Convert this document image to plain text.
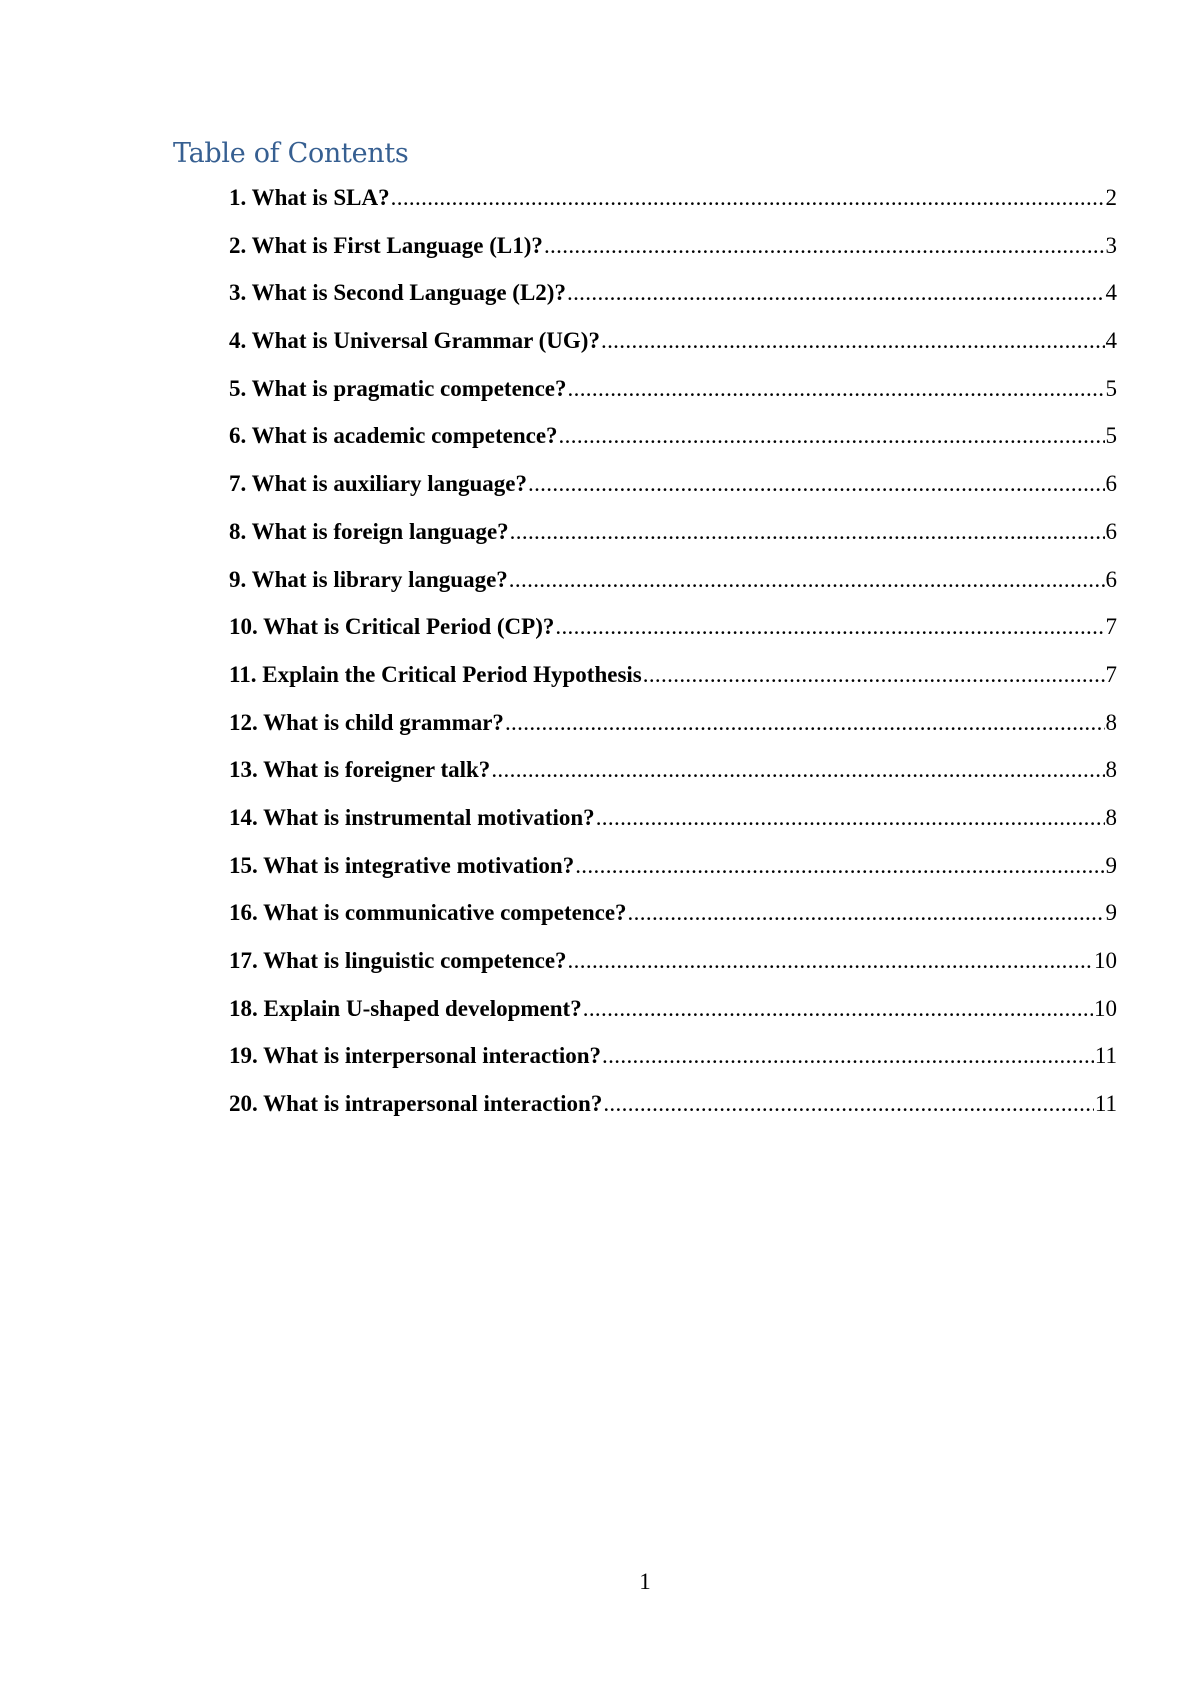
Table of Contents
1. What is SLA? .....	2
2. What is First Language (L1)? .....	3
3. What is Second Language (L2)? .....	4
4. What is Universal Grammar (UG)? .....	4
5. What is pragmatic competence? .....	5
6. What is academic competence? .....	5
7. What is auxiliary language? .....	6
8. What is foreign language? .....	6
9. What is library language? .....	6
10. What is Critical Period (CP)? .....	7
11. Explain the Critical Period Hypothesis .....	7
12. What is child grammar? .....	8
13. What is foreigner talk? .....	8
14. What is instrumental motivation? .....	8
15. What is integrative motivation? .....	9
16. What is communicative competence? .....	9
17. What is linguistic competence? .....	10
18. Explain U-shaped development? .....	10
19. What is interpersonal interaction? .....	11
20. What is intrapersonal interaction? .....	11
1
